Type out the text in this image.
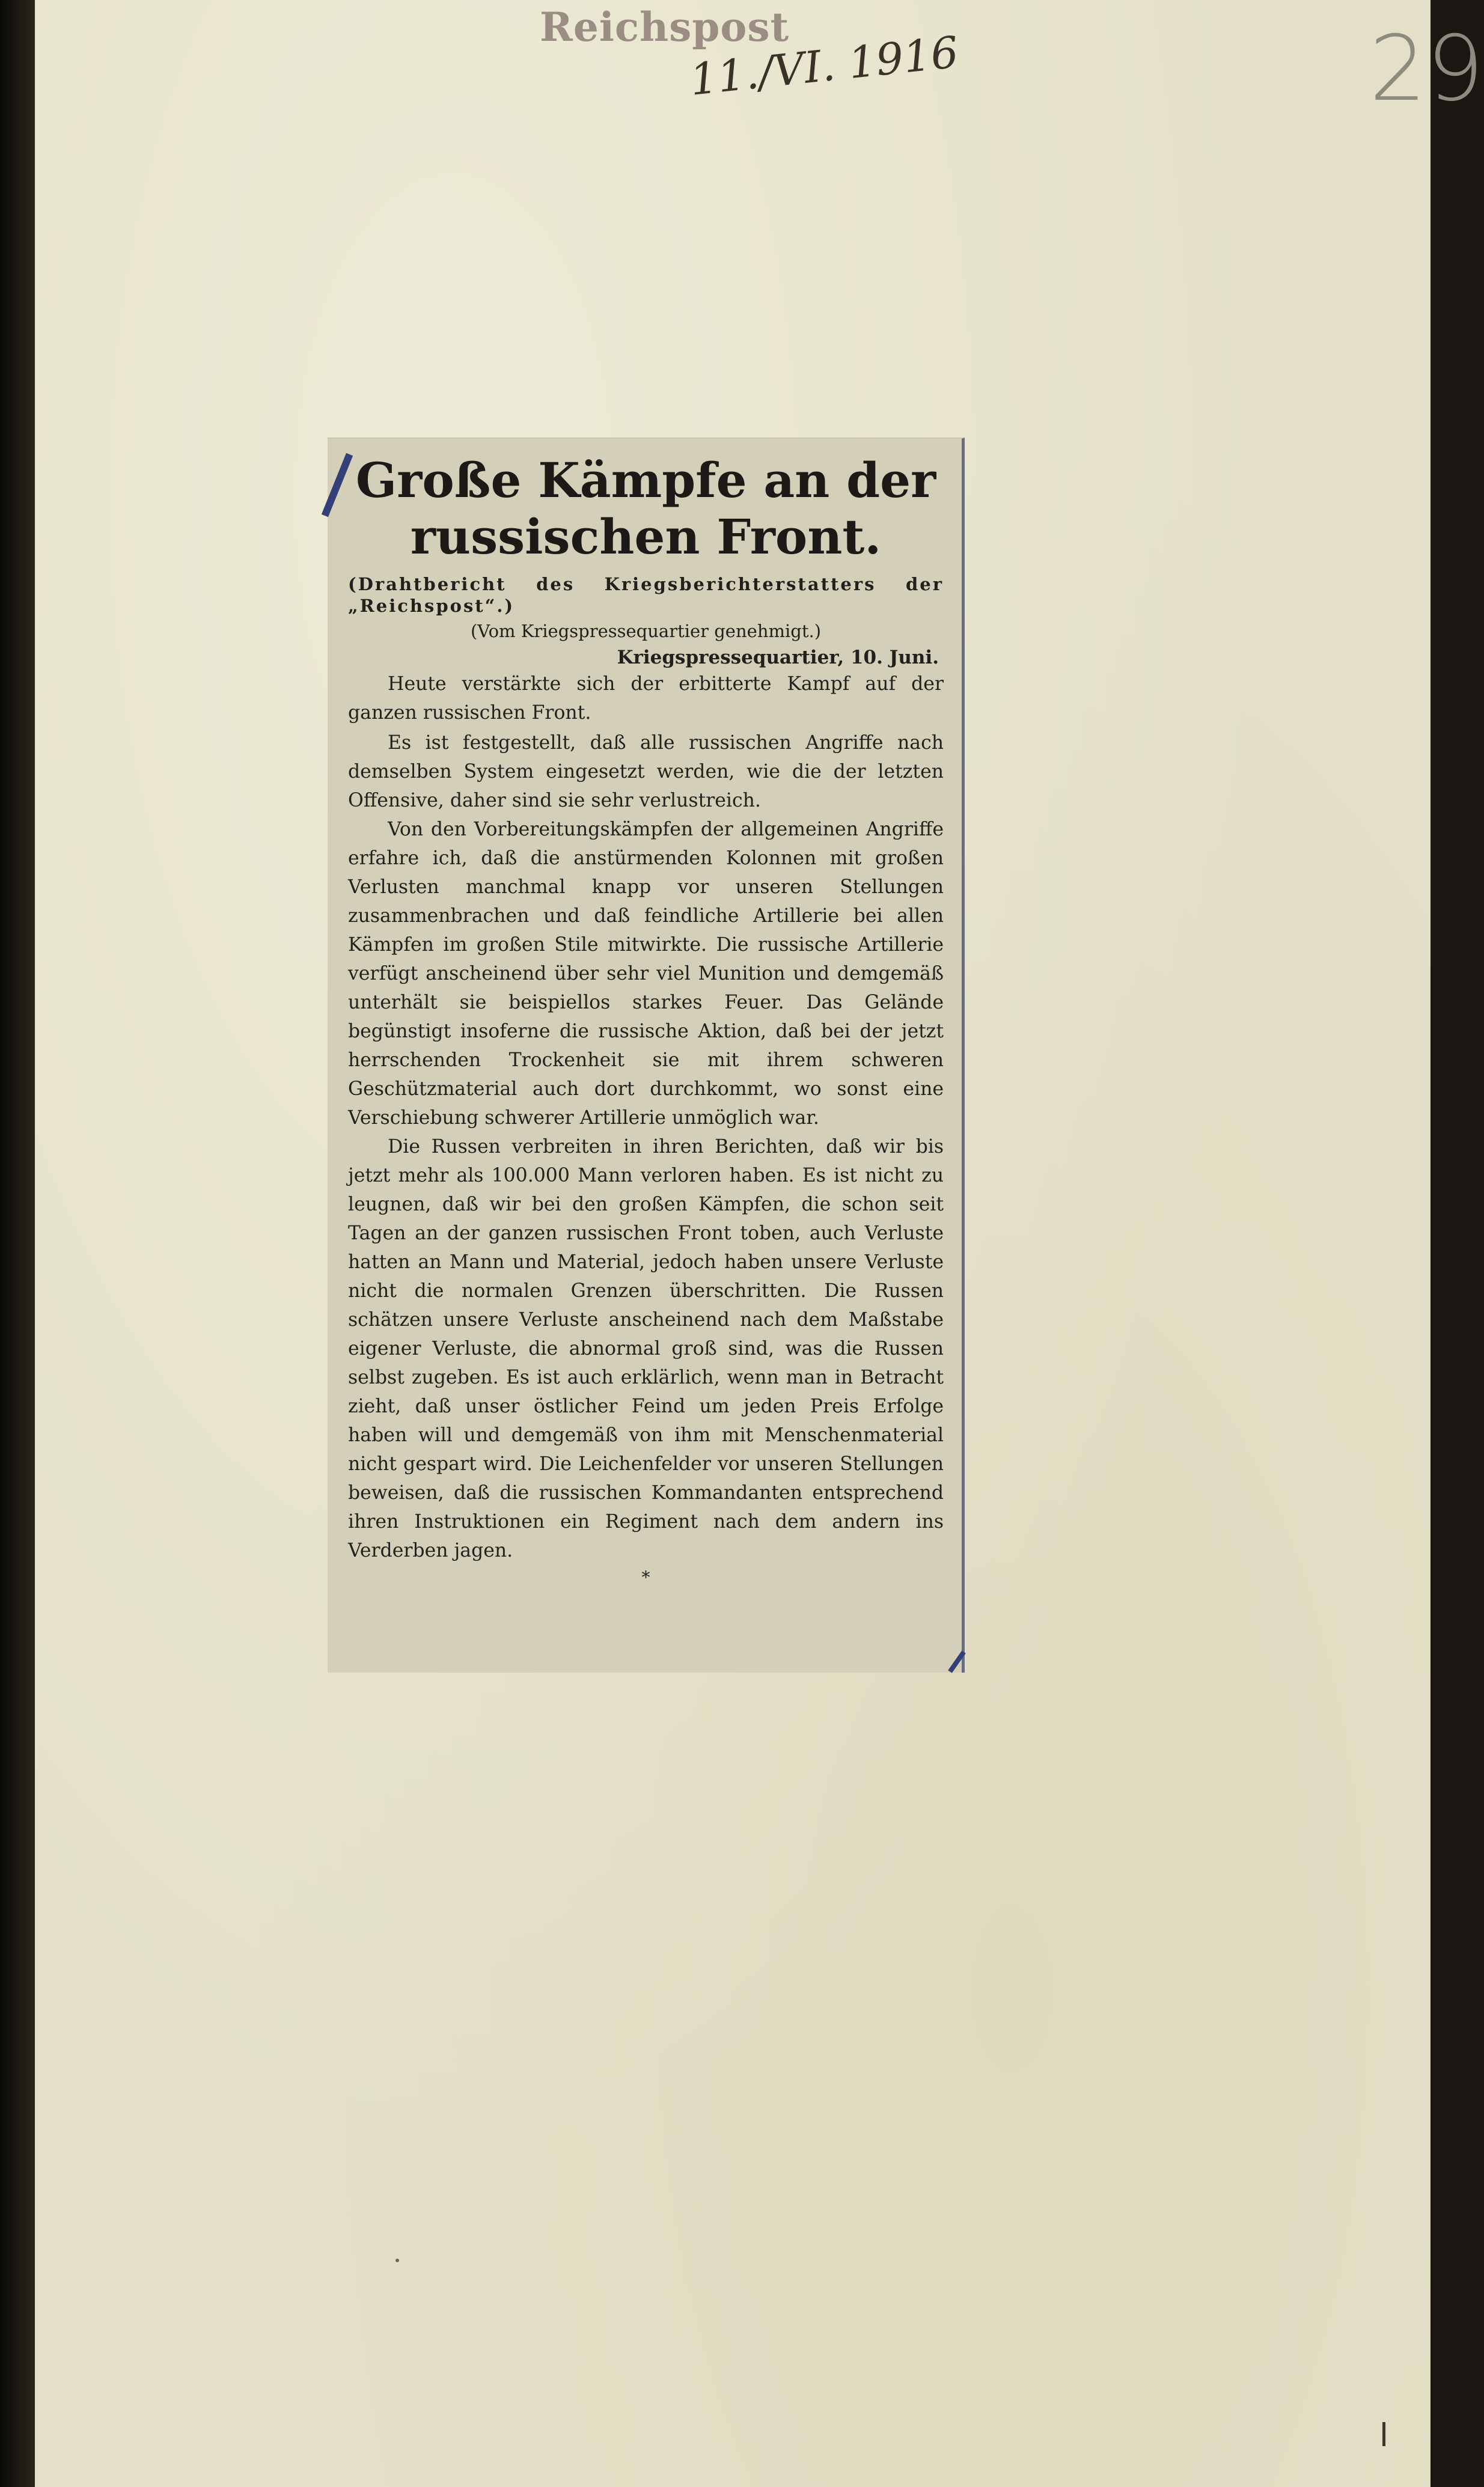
Reichspost
11./VI. 1916	29
Große Kämpfe an der
russischen Front.
(Drahtbericht des Kriegsberichterstatters der „Reichspost“.)
(Vom Kriegspressequartier genehmigt.)
Kriegspressequartier, 10. Juni.

Heute verstärkte sich der erbitterte Kampf auf der ganzen russischen Front.

Es ist festgestellt, daß alle russischen Angriffe nach demselben System eingesetzt werden, wie die der letzten Offensive, daher sind sie sehr verlustreich.

Von den Vorbereitungskämpfen der allgemeinen Angriffe erfahre ich, daß die anstürmenden Kolonnen mit großen Verlusten manchmal knapp vor unseren Stellungen zusammenbrachen und daß feindliche Artillerie bei allen Kämpfen im großen Stile mitwirkte. Die russische Artillerie verfügt anscheinend über sehr viel Munition und demgemäß unterhält sie beispiellos starkes Feuer. Das Gelände begünstigt insoferne die russische Aktion, daß bei der jetzt herrschenden Trockenheit sie mit ihrem schweren Geschützmaterial auch dort durchkommt, wo sonst eine Verschiebung schwerer Artillerie unmöglich war.

Die Russen verbreiten in ihren Berichten, daß wir bis jetzt mehr als 100.000 Mann verloren haben. Es ist nicht zu leugnen, daß wir bei den großen Kämpfen, die schon seit Tagen an der ganzen russischen Front toben, auch Verluste hatten an Mann und Material, jedoch haben unsere Verluste nicht die normalen Grenzen überschritten. Die Russen schätzen unsere Verluste anscheinend nach dem Maßstabe eigener Verluste, die abnormal groß sind, was die Russen selbst zugeben. Es ist auch erklärlich, wenn man in Betracht zieht, daß unser östlicher Feind um jeden Preis Erfolge haben will und demgemäß von ihm mit Menschenmaterial nicht gespart wird. Die Leichenfelder vor unseren Stellungen beweisen, daß die russischen Kommandanten entsprechend ihren Instruktionen ein Regiment nach dem andern ins Verderben jagen.

*
